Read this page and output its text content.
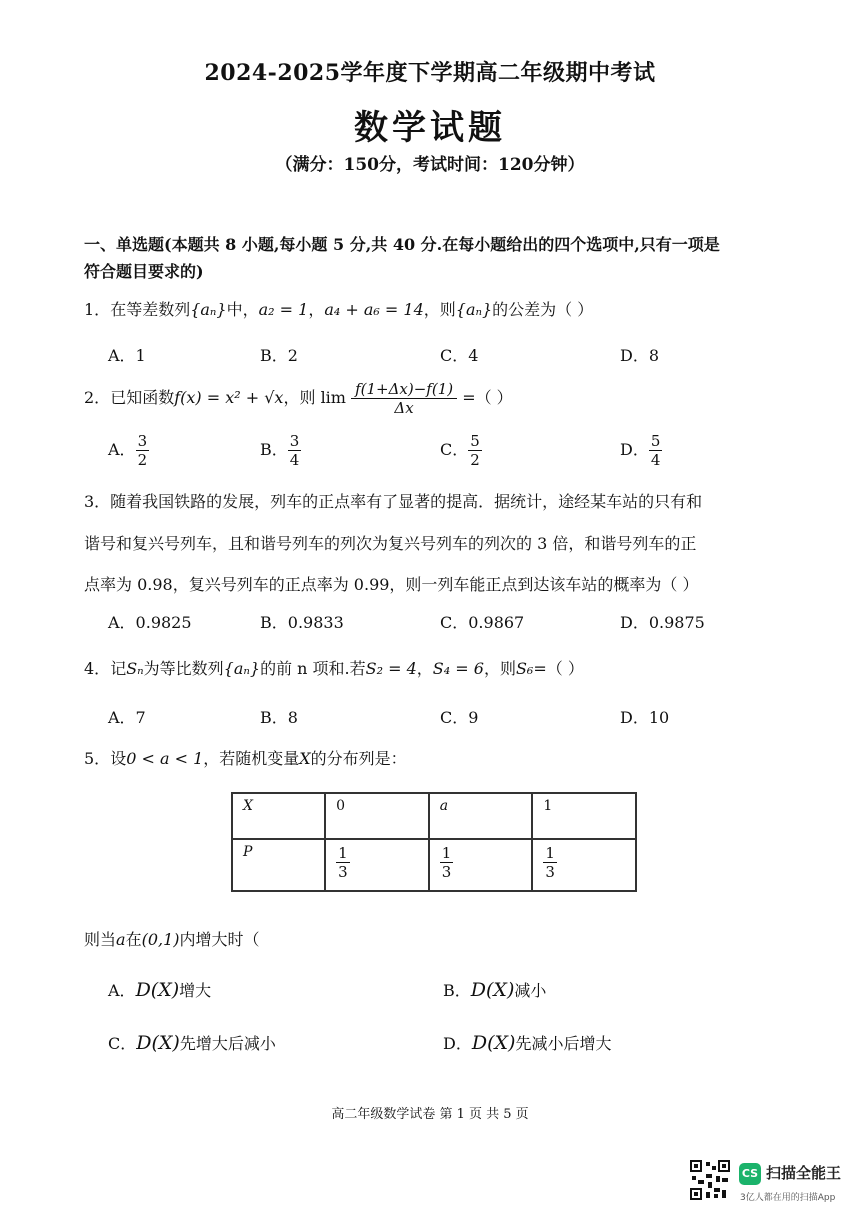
2024-2025学年度下学期高二年级期中考试
数学试题
（满分：150分，考试时间：120分钟）
一、单选题(本题共 8 小题,每小题 5 分,共 40 分.在每小题给出的四个选项中,只有一项是
符合题目要求的)
1．在等差数列{aₙ}中，a₂ = 1，a₄ + a₆ = 14，则{aₙ}的公差为（ ）
A．1	B．2	C．4	D．8
2．已知函数f(x) = x² + √x，则 $\lim \frac{f(1+\Delta x)-f(1)}{\Delta x}$ =（ ）
A． $\frac{3}{2}$	B． $\frac{3}{4}$	C． $\frac{5}{2}$	D． $\frac{5}{4}$
3．随着我国铁路的发展，列车的正点率有了显著的提高．据统计，途经某车站的只有和
谐号和复兴号列车，且和谐号列车的列次为复兴号列车的列次的 3 倍，和谐号列车的正
点率为 0.98，复兴号列车的正点率为 0.99，则一列车能正点到达该车站的概率为（ ）
A．0.9825	B．0.9833	C．0.9867	D．0.9875
4．记Sₙ为等比数列{aₙ}的前 n 项和.若S₂ = 4，S₄ = 6，则S₆=（ ）
A．7	B．8	C．9	D．10
5．设0 < a < 1，若随机变量X的分布列是：
X	0	a	1
P	$\frac{1}{3}$	$\frac{1}{3}$	$\frac{1}{3}$
则当a在(0,1)内增大时（
A．D(X)增大	B．D(X)减小
C．D(X)先增大后减小	D．D(X)先减小后增大
高二年级数学试卷 第 1 页 共 5 页
CS 扫描全能王
3亿人都在用的扫描App
